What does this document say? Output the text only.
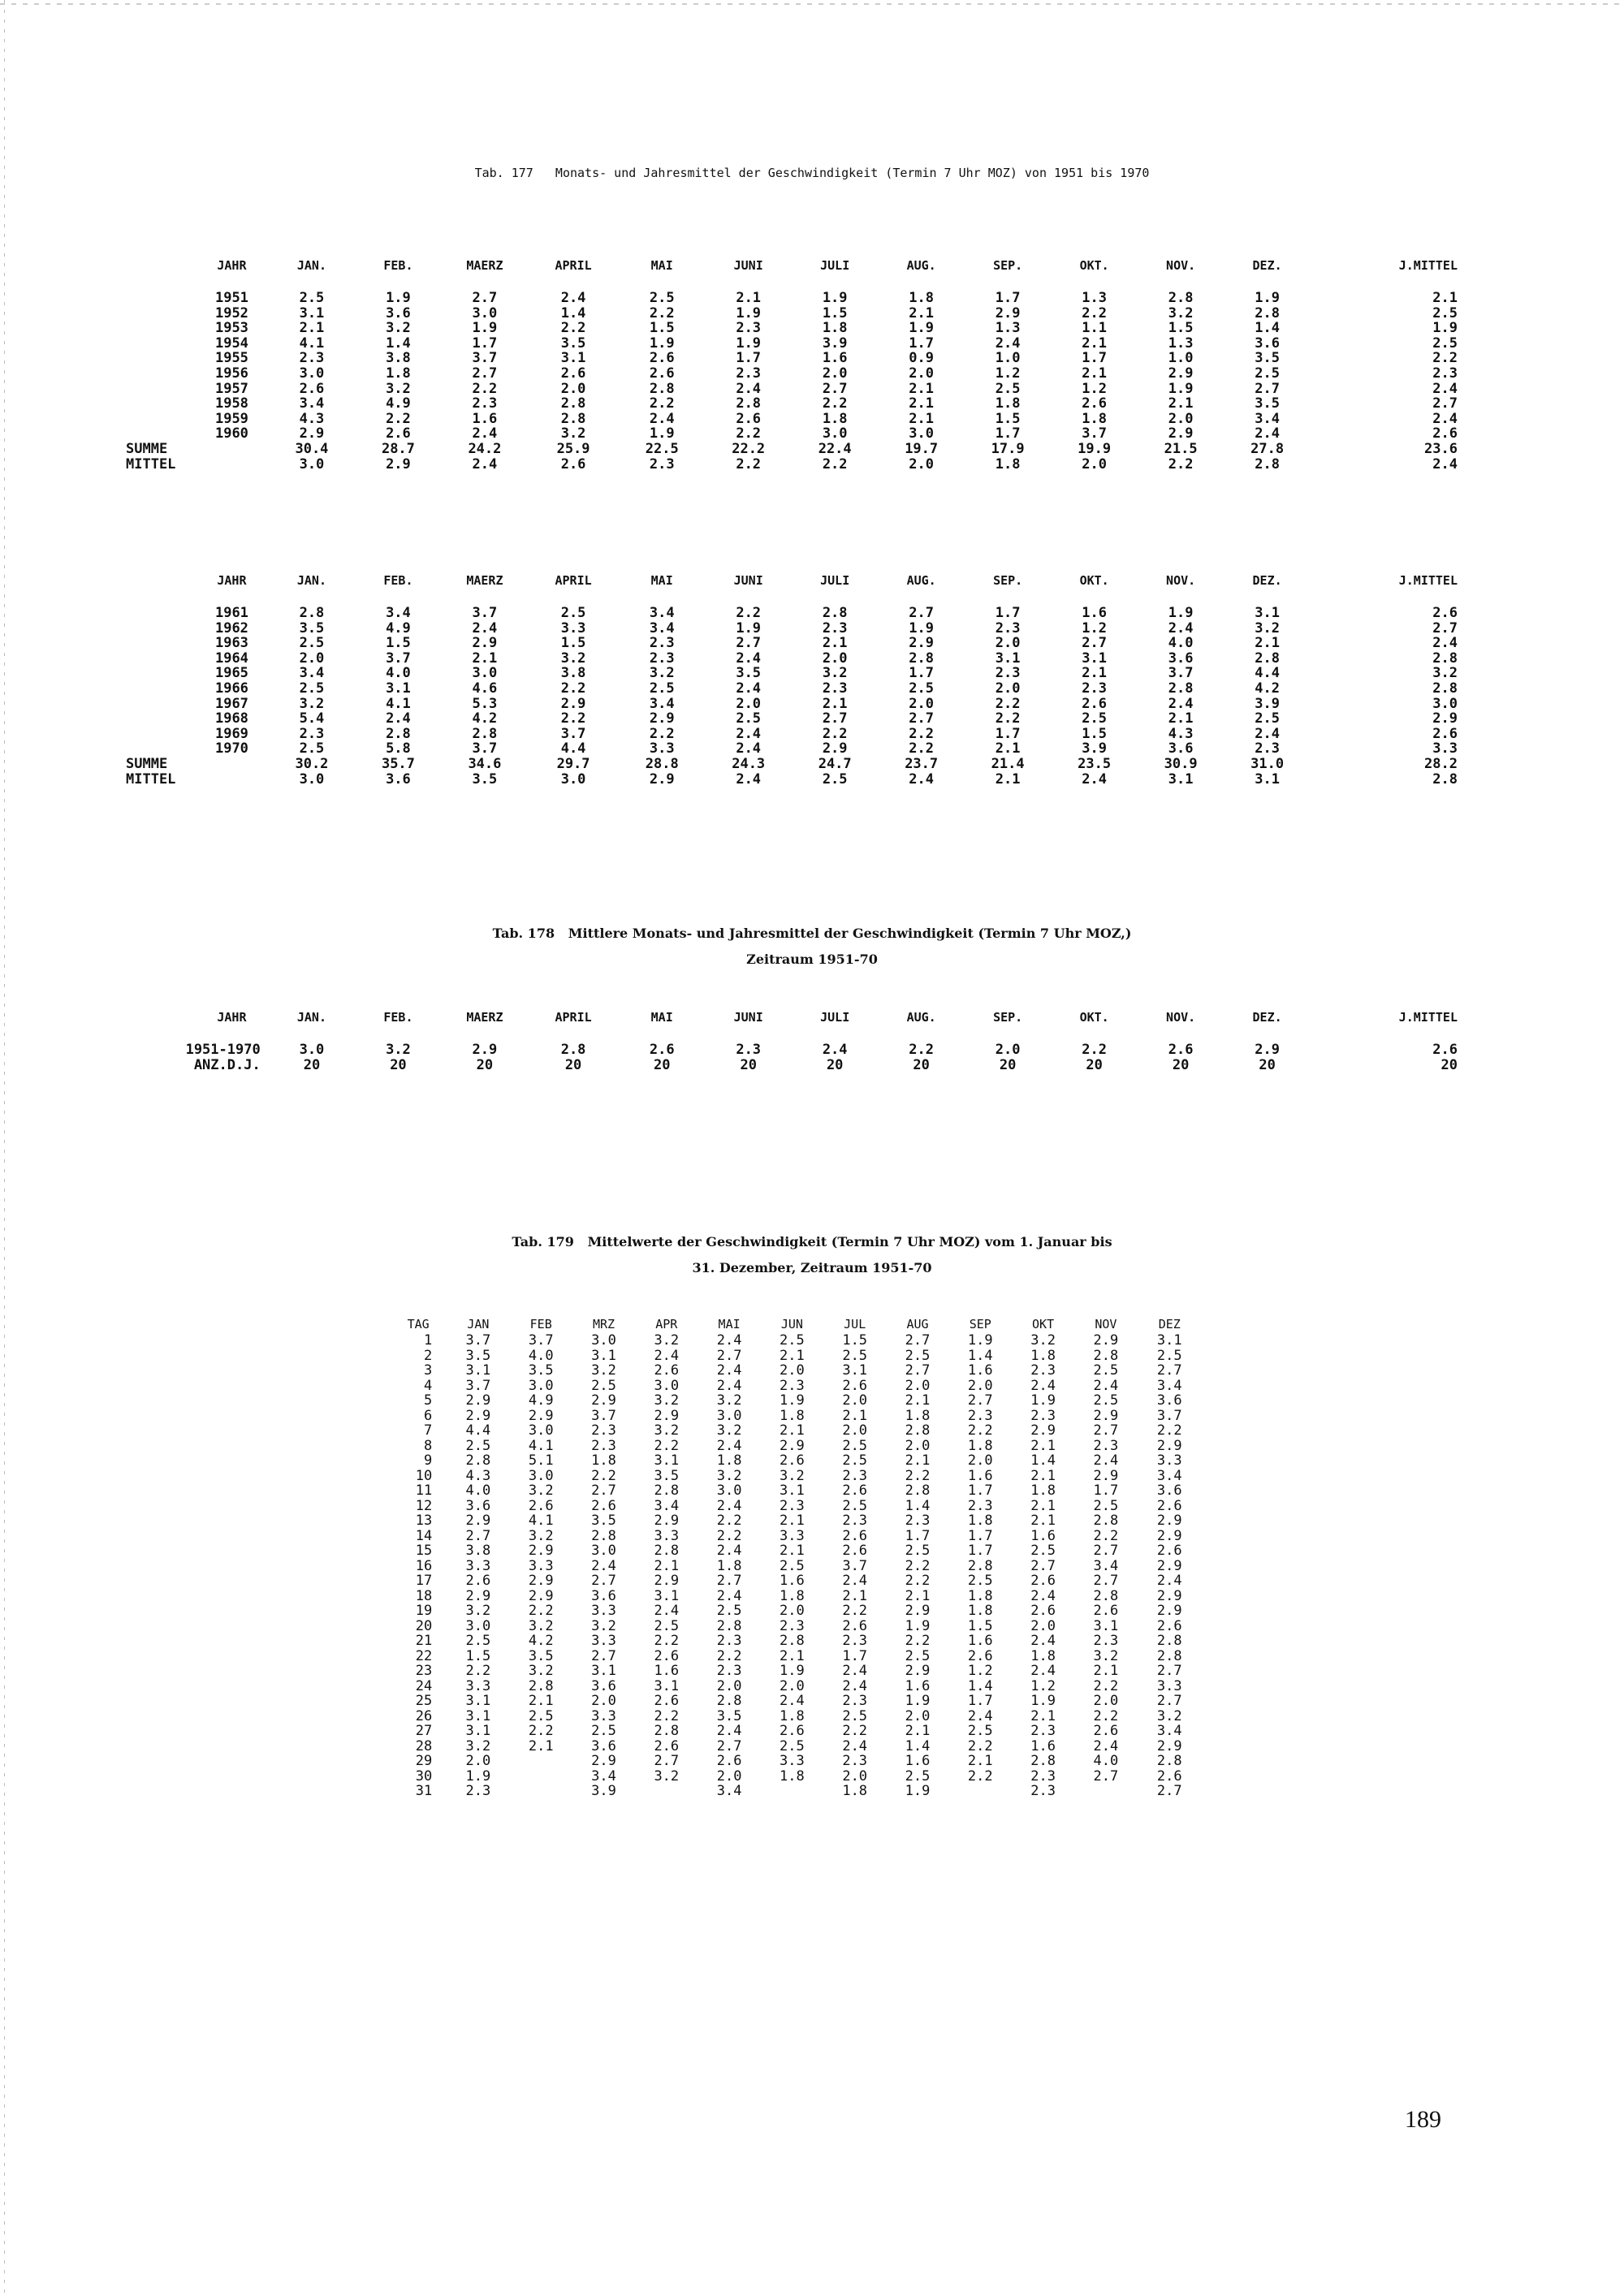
Tab. 177   Monats- und Jahresmittel der Geschwindigkeit (Termin 7 Uhr MOZ) von 1951 bis 1970
	JAHR	JAN.	FEB.	MAERZ	APRIL	MAI	JUNI	JULI	AUG.	SEP.	OKT.	NOV.	DEZ.	J.MITTEL
	1951	2.5	1.9	2.7	2.4	2.5	2.1	1.9	1.8	1.7	1.3	2.8	1.9	2.1
	1952	3.1	3.6	3.0	1.4	2.2	1.9	1.5	2.1	2.9	2.2	3.2	2.8	2.5
	1953	2.1	3.2	1.9	2.2	1.5	2.3	1.8	1.9	1.3	1.1	1.5	1.4	1.9
	1954	4.1	1.4	1.7	3.5	1.9	1.9	3.9	1.7	2.4	2.1	1.3	3.6	2.5
	1955	2.3	3.8	3.7	3.1	2.6	1.7	1.6	0.9	1.0	1.7	1.0	3.5	2.2
	1956	3.0	1.8	2.7	2.6	2.6	2.3	2.0	2.0	1.2	2.1	2.9	2.5	2.3
	1957	2.6	3.2	2.2	2.0	2.8	2.4	2.7	2.1	2.5	1.2	1.9	2.7	2.4
	1958	3.4	4.9	2.3	2.8	2.2	2.8	2.2	2.1	1.8	2.6	2.1	3.5	2.7
	1959	4.3	2.2	1.6	2.8	2.4	2.6	1.8	2.1	1.5	1.8	2.0	3.4	2.4
	1960	2.9	2.6	2.4	3.2	1.9	2.2	3.0	3.0	1.7	3.7	2.9	2.4	2.6
SUMME		30.4	28.7	24.2	25.9	22.5	22.2	22.4	19.7	17.9	19.9	21.5	27.8	23.6
MITTEL		3.0	2.9	2.4	2.6	2.3	2.2	2.2	2.0	1.8	2.0	2.2	2.8	2.4
	JAHR	JAN.	FEB.	MAERZ	APRIL	MAI	JUNI	JULI	AUG.	SEP.	OKT.	NOV.	DEZ.	J.MITTEL
	1961	2.8	3.4	3.7	2.5	3.4	2.2	2.8	2.7	1.7	1.6	1.9	3.1	2.6
	1962	3.5	4.9	2.4	3.3	3.4	1.9	2.3	1.9	2.3	1.2	2.4	3.2	2.7
	1963	2.5	1.5	2.9	1.5	2.3	2.7	2.1	2.9	2.0	2.7	4.0	2.1	2.4
	1964	2.0	3.7	2.1	3.2	2.3	2.4	2.0	2.8	3.1	3.1	3.6	2.8	2.8
	1965	3.4	4.0	3.0	3.8	3.2	3.5	3.2	1.7	2.3	2.1	3.7	4.4	3.2
	1966	2.5	3.1	4.6	2.2	2.5	2.4	2.3	2.5	2.0	2.3	2.8	4.2	2.8
	1967	3.2	4.1	5.3	2.9	3.4	2.0	2.1	2.0	2.2	2.6	2.4	3.9	3.0
	1968	5.4	2.4	4.2	2.2	2.9	2.5	2.7	2.7	2.2	2.5	2.1	2.5	2.9
	1969	2.3	2.8	2.8	3.7	2.2	2.4	2.2	2.2	1.7	1.5	4.3	2.4	2.6
	1970	2.5	5.8	3.7	4.4	3.3	2.4	2.9	2.2	2.1	3.9	3.6	2.3	3.3
SUMME		30.2	35.7	34.6	29.7	28.8	24.3	24.7	23.7	21.4	23.5	30.9	31.0	28.2
MITTEL		3.0	3.6	3.5	3.0	2.9	2.4	2.5	2.4	2.1	2.4	3.1	3.1	2.8
Tab. 178   Mittlere Monats- und Jahresmittel der Geschwindigkeit (Termin 7 Uhr MOZ,)
Zeitraum 1951-70
	JAHR	JAN.	FEB.	MAERZ	APRIL	MAI	JUNI	JULI	AUG.	SEP.	OKT.	NOV.	DEZ.	J.MITTEL
1951-1970		3.0	3.2	2.9	2.8	2.6	2.3	2.4	2.2	2.0	2.2	2.6	2.9	2.6
ANZ.D.J.		20	20	20	20	20	20	20	20	20	20	20	20	20
Tab. 179   Mittelwerte der Geschwindigkeit (Termin 7 Uhr MOZ) vom 1. Januar bis
31. Dezember, Zeitraum 1951-70
TAG	JAN	FEB	MRZ	APR	MAI	JUN	JUL	AUG	SEP	OKT	NOV	DEZ
1	3.7	3.7	3.0	3.2	2.4	2.5	1.5	2.7	1.9	3.2	2.9	3.1
2	3.5	4.0	3.1	2.4	2.7	2.1	2.5	2.5	1.4	1.8	2.8	2.5
3	3.1	3.5	3.2	2.6	2.4	2.0	3.1	2.7	1.6	2.3	2.5	2.7
4	3.7	3.0	2.5	3.0	2.4	2.3	2.6	2.0	2.0	2.4	2.4	3.4
5	2.9	4.9	2.9	3.2	3.2	1.9	2.0	2.1	2.7	1.9	2.5	3.6
6	2.9	2.9	3.7	2.9	3.0	1.8	2.1	1.8	2.3	2.3	2.9	3.7
7	4.4	3.0	2.3	3.2	3.2	2.1	2.0	2.8	2.2	2.9	2.7	2.2
8	2.5	4.1	2.3	2.2	2.4	2.9	2.5	2.0	1.8	2.1	2.3	2.9
9	2.8	5.1	1.8	3.1	1.8	2.6	2.5	2.1	2.0	1.4	2.4	3.3
10	4.3	3.0	2.2	3.5	3.2	3.2	2.3	2.2	1.6	2.1	2.9	3.4
11	4.0	3.2	2.7	2.8	3.0	3.1	2.6	2.8	1.7	1.8	1.7	3.6
12	3.6	2.6	2.6	3.4	2.4	2.3	2.5	1.4	2.3	2.1	2.5	2.6
13	2.9	4.1	3.5	2.9	2.2	2.1	2.3	2.3	1.8	2.1	2.8	2.9
14	2.7	3.2	2.8	3.3	2.2	3.3	2.6	1.7	1.7	1.6	2.2	2.9
15	3.8	2.9	3.0	2.8	2.4	2.1	2.6	2.5	1.7	2.5	2.7	2.6
16	3.3	3.3	2.4	2.1	1.8	2.5	3.7	2.2	2.8	2.7	3.4	2.9
17	2.6	2.9	2.7	2.9	2.7	1.6	2.4	2.2	2.5	2.6	2.7	2.4
18	2.9	2.9	3.6	3.1	2.4	1.8	2.1	2.1	1.8	2.4	2.8	2.9
19	3.2	2.2	3.3	2.4	2.5	2.0	2.2	2.9	1.8	2.6	2.6	2.9
20	3.0	3.2	3.2	2.5	2.8	2.3	2.6	1.9	1.5	2.0	3.1	2.6
21	2.5	4.2	3.3	2.2	2.3	2.8	2.3	2.2	1.6	2.4	2.3	2.8
22	1.5	3.5	2.7	2.6	2.2	2.1	1.7	2.5	2.6	1.8	3.2	2.8
23	2.2	3.2	3.1	1.6	2.3	1.9	2.4	2.9	1.2	2.4	2.1	2.7
24	3.3	2.8	3.6	3.1	2.0	2.0	2.4	1.6	1.4	1.2	2.2	3.3
25	3.1	2.1	2.0	2.6	2.8	2.4	2.3	1.9	1.7	1.9	2.0	2.7
26	3.1	2.5	3.3	2.2	3.5	1.8	2.5	2.0	2.4	2.1	2.2	3.2
27	3.1	2.2	2.5	2.8	2.4	2.6	2.2	2.1	2.5	2.3	2.6	3.4
28	3.2	2.1	3.6	2.6	2.7	2.5	2.4	1.4	2.2	1.6	2.4	2.9
29	2.0		2.9	2.7	2.6	3.3	2.3	1.6	2.1	2.8	4.0	2.8
30	1.9		3.4	3.2	2.0	1.8	2.0	2.5	2.2	2.3	2.7	2.6
31	2.3		3.9		3.4		1.8	1.9		2.3		2.7
189
